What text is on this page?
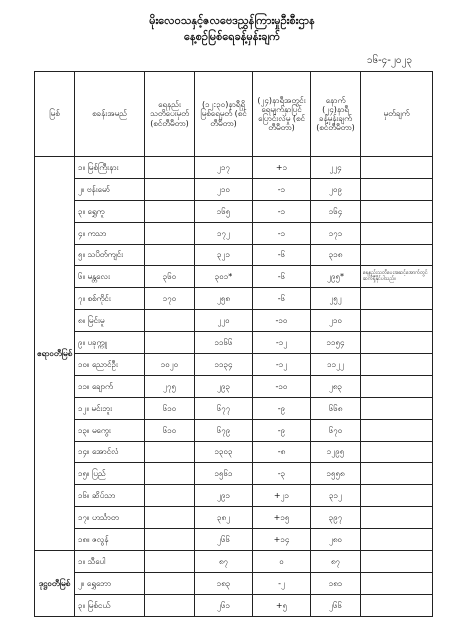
မိုးလေဝသနှင့်ဇလဗေဒညွှန်ကြားမှုဦးစီးဌာန
နေ့စဉ်မြစ်ရေခန့်မှန်းချက်
၁၆-၄-၂၀၂၃
မြစ်	စခန်းအမည်	ရေနည်း သတိပေးမှတ် (စင်တီမီတာ)	(၁၂:၃၀)နာရီရှိ မြစ်ရေမှတ် (စင်တီမီတာ)	(၂၄)နာရီအတွင်း ရေမျက်နှာပြင် ပြောင်းလဲမှု (စင်တီမီတာ)	နောက် (၂၄)နာရီ ခန့်မှန်းချက် (စင်တီမီတာ)	မှတ်ချက်
ဧရာဝတီမြစ်	၁။ မြစ်ကြီးနား		၂၁၇	+၁	၂၂၄	
	၂။ ဗန်းမော်		၂၁၀	-၁	၂၀၉	
	၃။ ရွှေကူ		၁၆၅	-၁	၁၆၄	
	၄။ ကသာ		၁၇၂	-၁	၁၇၁	
	၅။ သပိတ်ကျင်း		၃၂၁	-၆	၃၁၈	
	၆။ မန္တလေး	၃၆၀	၃၀၁*	-၆	၂၉၅*	ရေနည်းသတိပေးအဆင့်အောက်တွင် ဆက်ရှိနိုင်ပါသည်။
	၇။ စစ်ကိုင်း	၁၇၀	၂၅၈	-၆	၂၅၂	
	၈။ မြင်းမူ		၂၂၀	-၁၀	၂၁၀	
	၉။ ပခုက္ကူ		၁၁၆၆	-၁၂	၁၁၅၄	
	၁၀။ ညောင်ဦး	၁၀၂၀	၁၁၃၄	-၁၂	၁၁၂၂	
	၁၁။ ချောက်	၂၇၅	၂၉၃	-၁၀	၂၈၃	
	၁၂။ မင်းဘူး	၆၁၀	၆၇၇	-၉	၆၆၈	
	၁၃။ မကွေး	၆၁၀	၆၇၉	-၉	၆၇၀	
	၁၄။ အောင်လံ		၁၃၀၃	-၈	၁၂၉၅	
	၁၅။ ပြည်		၁၅၆၁	-၃	၁၅၅၈	
	၁၆။ ဆိပ်သာ		၂၉၁	+၂၁	၃၁၂	
	၁၇။ ဟင်္သာတ		၃၈၂	+၁၅	၃၉၇	
	၁၈။ ဇလွန်		၂၆၆	+၁၄	၂၈၀	
ဒုဋ္ဌဝတီမြစ်	၁။ သီပေါ		၈၇	၀	၈၇	
	၂။ ရွှေဘော		၁၈၃	-၂	၁၈၁	
	၃။ မြစ်ငယ်		၂၆၁	+၅	၂၆၆	
